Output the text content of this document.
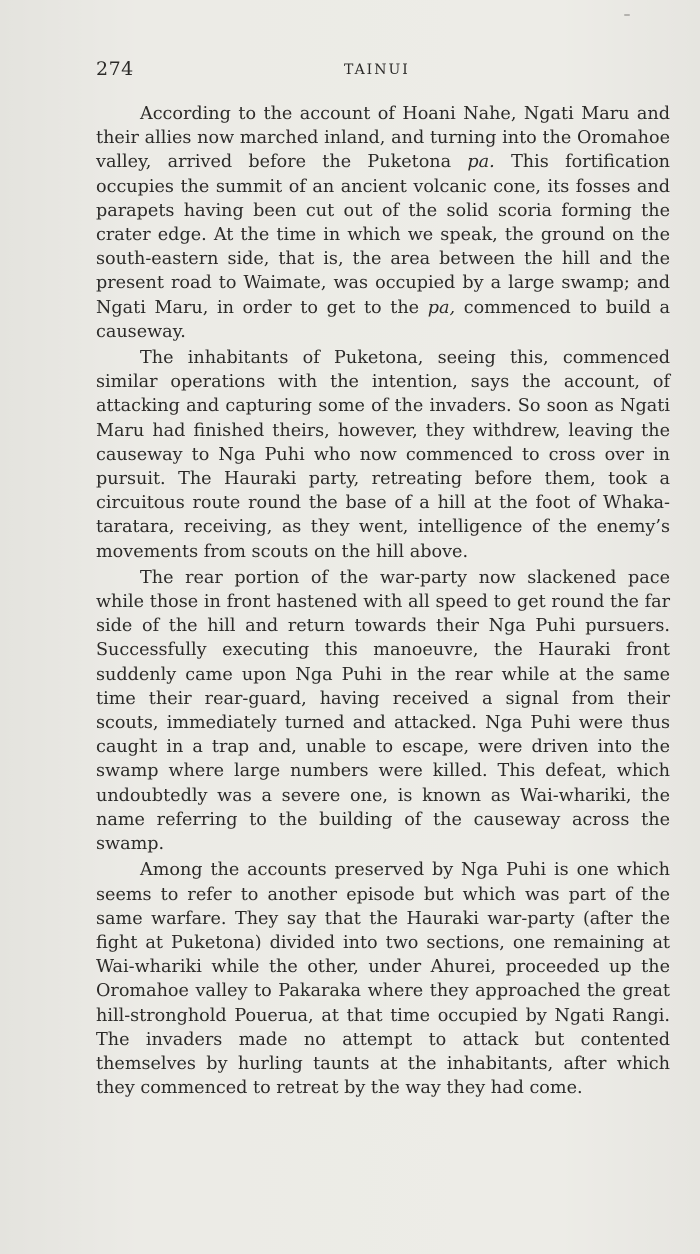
274	TAINUI

According to the account of Hoani Nahe, Ngati Maru and their allies now marched inland, and turning into the Oromahoe valley, arrived before the Puketona pa. This fortification occupies the summit of an ancient volcanic cone, its fosses and parapets having been cut out of the solid scoria forming the crater edge. At the time in which we speak, the ground on the south-eastern side, that is, the area between the hill and the present road to Waimate, was occupied by a large swamp; and Ngati Maru, in order to get to the pa, commenced to build a causeway.

The inhabitants of Puketona, seeing this, commenced similar operations with the intention, says the account, of attacking and capturing some of the invaders. So soon as Ngati Maru had finished theirs, however, they withdrew, leaving the causeway to Nga Puhi who now commenced to cross over in pursuit. The Hauraki party, retreating before them, took a circuitous route round the base of a hill at the foot of Whaka-taratara, receiving, as they went, intelligence of the enemy’s movements from scouts on the hill above.

The rear portion of the war-party now slackened pace while those in front hastened with all speed to get round the far side of the hill and return towards their Nga Puhi pursuers. Successfully executing this manoeuvre, the Hauraki front suddenly came upon Nga Puhi in the rear while at the same time their rear-guard, having received a signal from their scouts, immediately turned and attacked. Nga Puhi were thus caught in a trap and, unable to escape, were driven into the swamp where large numbers were killed. This defeat, which undoubtedly was a severe one, is known as Wai-whariki, the name referring to the building of the causeway across the swamp.

Among the accounts preserved by Nga Puhi is one which seems to refer to another episode but which was part of the same warfare. They say that the Hauraki war-party (after the fight at Puketona) divided into two sections, one remaining at Wai-whariki while the other, under Ahurei, proceeded up the Oromahoe valley to Pakaraka where they approached the great hill-stronghold Pouerua, at that time occupied by Ngati Rangi. The invaders made no attempt to attack but contented themselves by hurling taunts at the inhabitants, after which they commenced to retreat by the way they had come.
